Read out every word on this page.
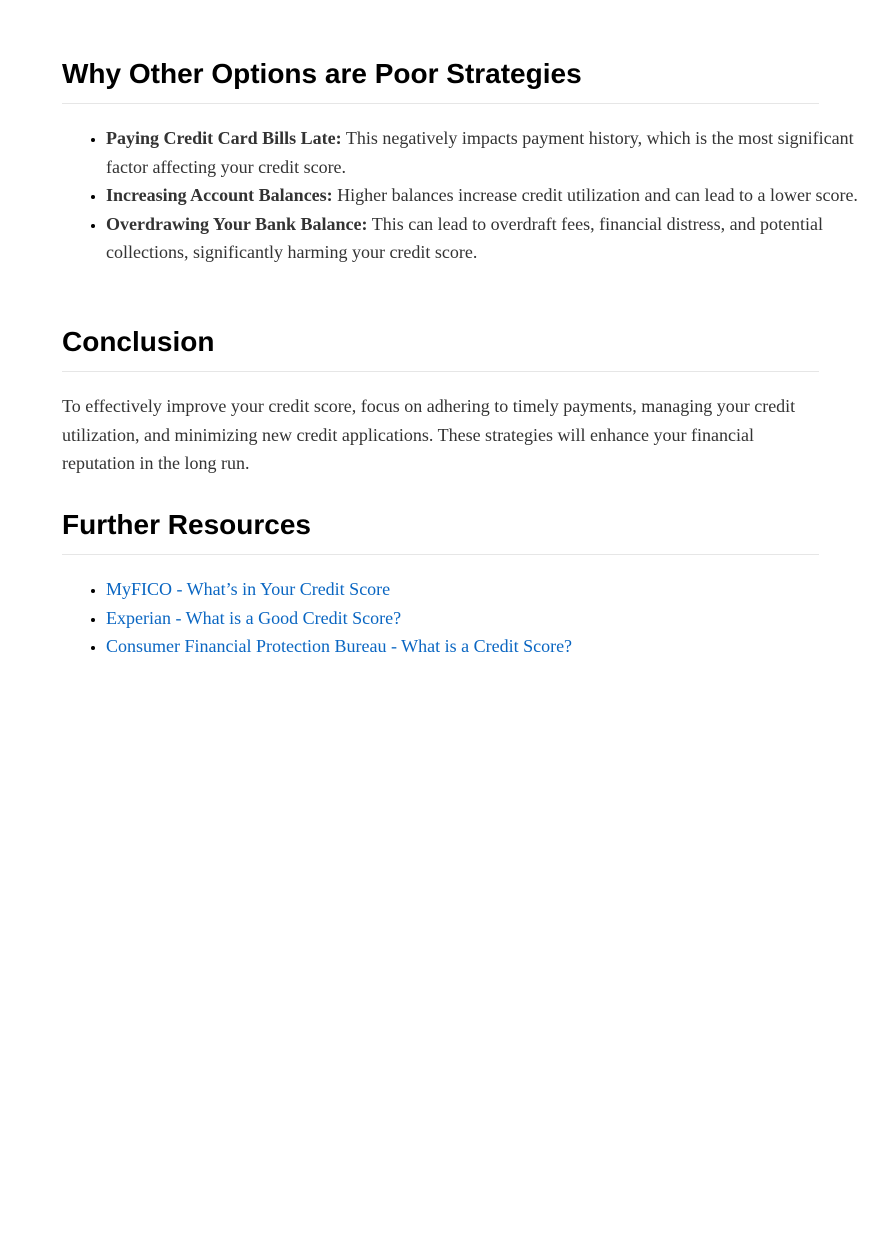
Why Other Options are Poor Strategies
• Paying Credit Card Bills Late: This negatively impacts payment history, which is the most significant factor affecting your credit score.
• Increasing Account Balances: Higher balances increase credit utilization and can lead to a lower score.
• Overdrawing Your Bank Balance: This can lead to overdraft fees, financial distress, and potential collections, significantly harming your credit score.
Conclusion

To effectively improve your credit score, focus on adhering to timely payments, managing your credit utilization, and minimizing new credit applications. These strategies will enhance your financial reputation in the long run.

Further Resources
• MyFICO - What’s in Your Credit Score
• Experian - What is a Good Credit Score?
• Consumer Financial Protection Bureau - What is a Credit Score?
